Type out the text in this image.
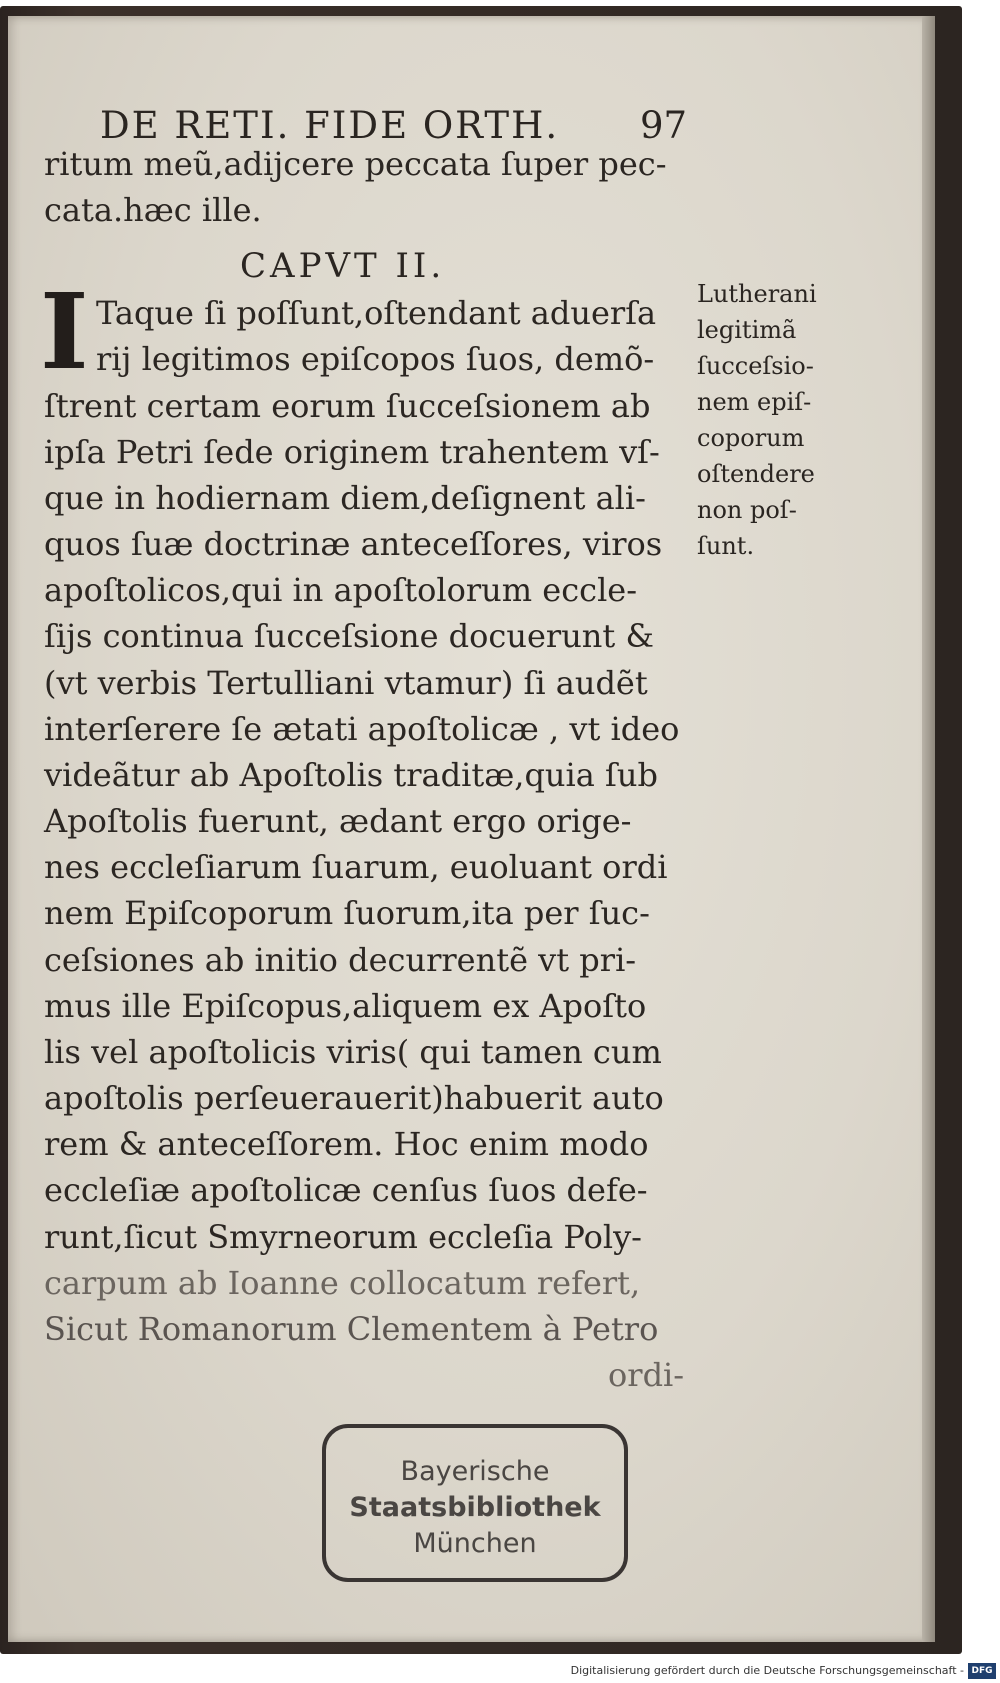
DE RETI. FIDE ORTH.	97
ritum meũ,adijcere peccata ſuper pec-
cata.hæc ille.
CAPVT II.
I Taque ſi poſſunt,oſtendant aduerſa
rij legitimos epiſcopos ſuos, demõ-
ſtrent certam eorum ſucceſsionem ab
ipſa Petri ſede originem trahentem vſ-
que in hodiernam diem,deſignent ali-
quos ſuæ doctrinæ anteceſſores, viros
apoſtolicos,qui in apoſtolorum eccle-
ſijs continua ſucceſsione docuerunt &
(vt verbis Tertulliani vtamur) ſi audẽt
interſerere ſe ætati apoſtolicæ , vt ideo
videãtur ab Apoſtolis traditæ,quia ſub
Apoſtolis fuerunt, ædant ergo orige-
nes eccleſiarum ſuarum, euoluant ordi
nem Epiſcoporum ſuorum,ita per ſuc-
ceſsiones ab initio decurrentẽ vt pri-
mus ille Epiſcopus,aliquem ex Apoſto
lis vel apoſtolicis viris( qui tamen cum
apoſtolis perſeuerauerit)habuerit auto
rem & anteceſſorem. Hoc enim modo
eccleſiæ apoſtolicæ cenſus ſuos defe-
runt,ſicut Smyrneorum eccleſia Poly-
carpum ab Ioanne collocatum refert,
Sicut Romanorum Clementem à Petro
ordi-
Lutherani
legitimã
ſucceſsio-
nem epiſ-
coporum
oſtendere
non poſ-
ſunt.
Bayerische
Staatsbibliothek
München
Digitalisierung gefördert durch die Deutsche Forschungsgemeinschaft - DFG
